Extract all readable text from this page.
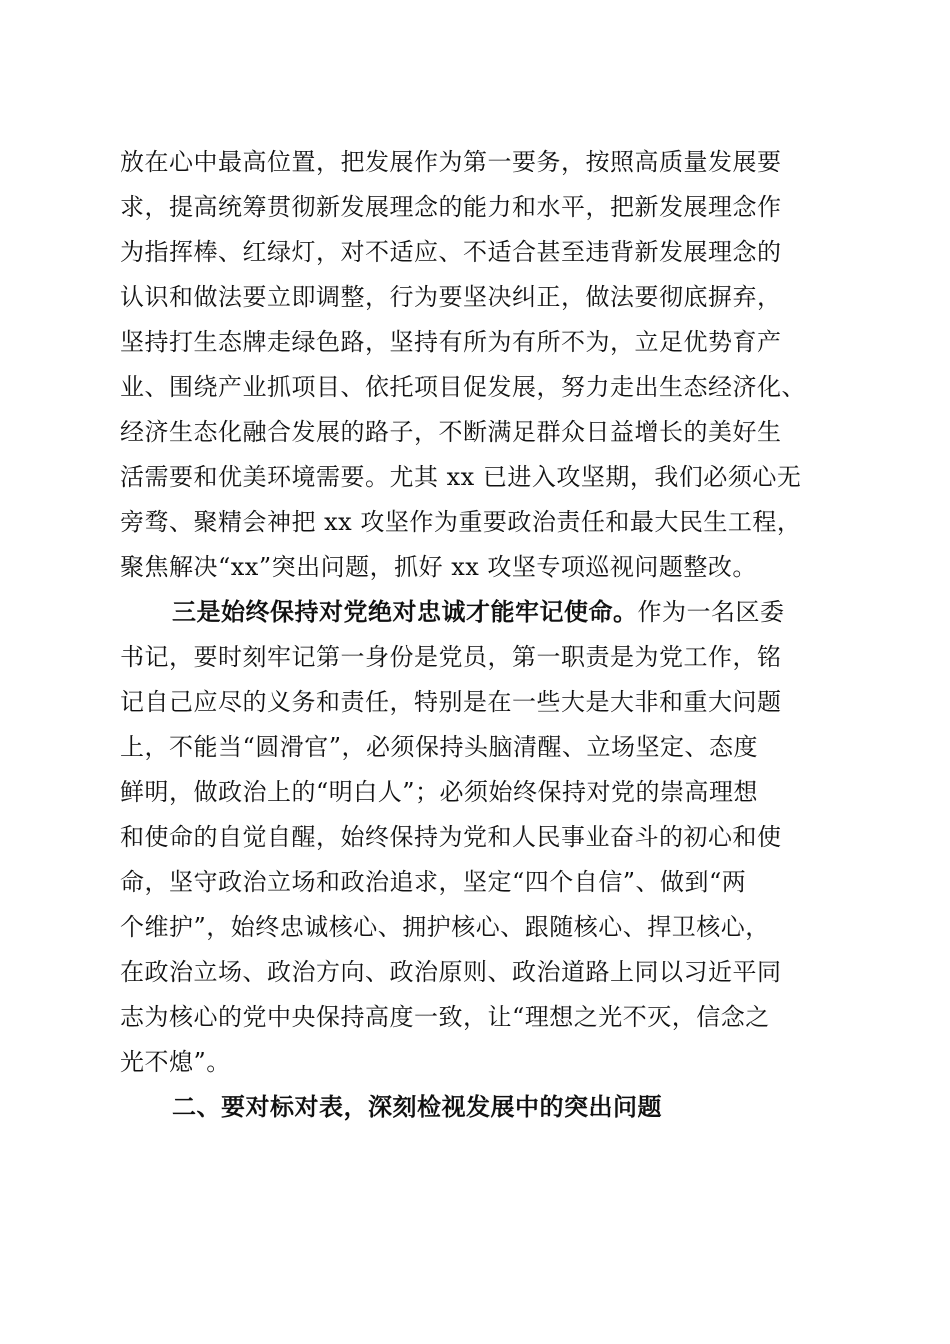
放在心中最高位置，把发展作为第一要务，按照高质量发展要
求，提高统筹贯彻新发展理念的能力和水平，把新发展理念作
为指挥棒、红绿灯，对不适应、不适合甚至违背新发展理念的
认识和做法要立即调整，行为要坚决纠正，做法要彻底摒弃，
坚持打生态牌走绿色路，坚持有所为有所不为，立足优势育产
业、围绕产业抓项目、依托项目促发展，努力走出生态经济化、
经济生态化融合发展的路子，不断满足群众日益增长的美好生
活需要和优美环境需要。尤其 xx 已进入攻坚期，我们必须心无
旁骛、聚精会神把 xx 攻坚作为重要政治责任和最大民生工程，
聚焦解决“xx”突出问题，抓好 xx 攻坚专项巡视问题整改。
三是始终保持对党绝对忠诚才能牢记使命。作为一名区委
书记，要时刻牢记第一身份是党员，第一职责是为党工作，铭
记自己应尽的义务和责任，特别是在一些大是大非和重大问题
上，不能当“圆滑官”，必须保持头脑清醒、立场坚定、态度
鲜明，做政治上的“明白人”；必须始终保持对党的崇高理想
和使命的自觉自醒，始终保持为党和人民事业奋斗的初心和使
命，坚守政治立场和政治追求，坚定“四个自信”、做到“两
个维护”，始终忠诚核心、拥护核心、跟随核心、捍卫核心，
在政治立场、政治方向、政治原则、政治道路上同以习近平同
志为核心的党中央保持高度一致，让“理想之光不灭，信念之
光不熄”。
二、要对标对表，深刻检视发展中的突出问题
